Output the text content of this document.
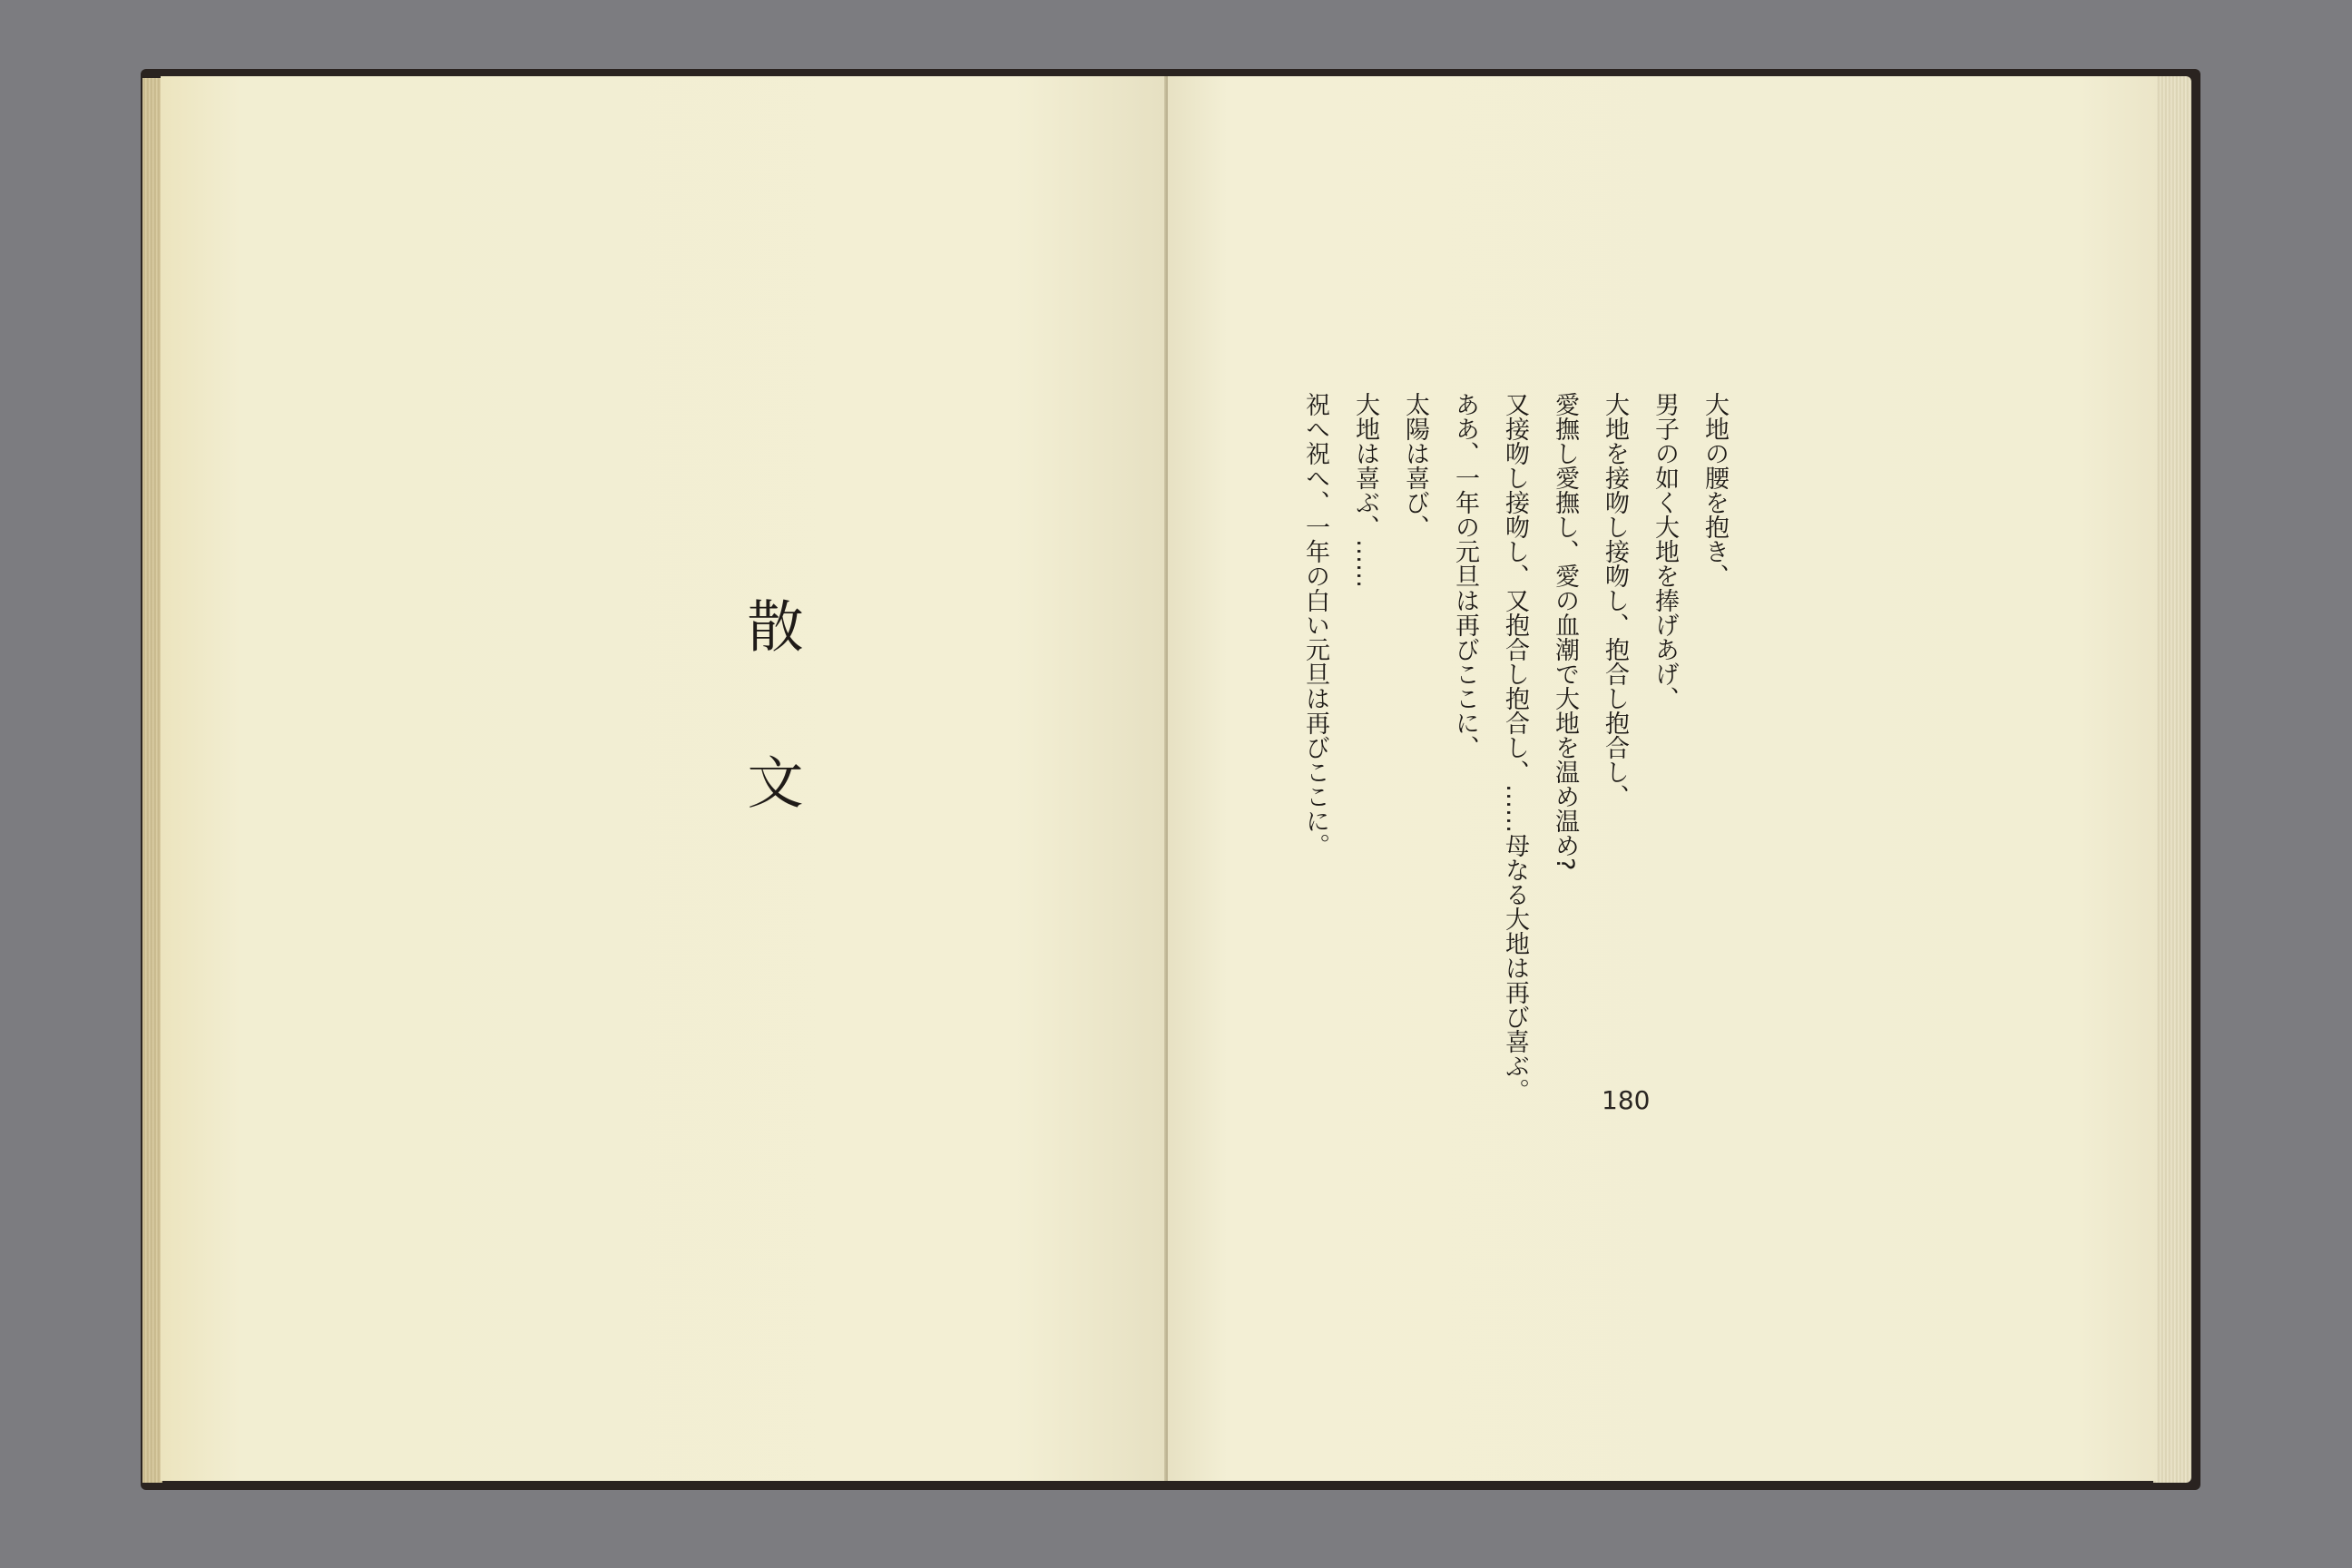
散文
大地の腰を抱き、
男子の如く大地を捧げあげ、
大地を接吻し接吻し、抱合し抱合し、
愛撫し愛撫し、愛の血潮で大地を温め温め?
又接吻し接吻し、又抱合し抱合し、……母なる大地は再び喜ぶ。
ああ、一年の元旦は再びここに、
太陽は喜び、
大地は喜ぶ、……
祝へ祝へ、一年の白い元旦は再びここに。
180
